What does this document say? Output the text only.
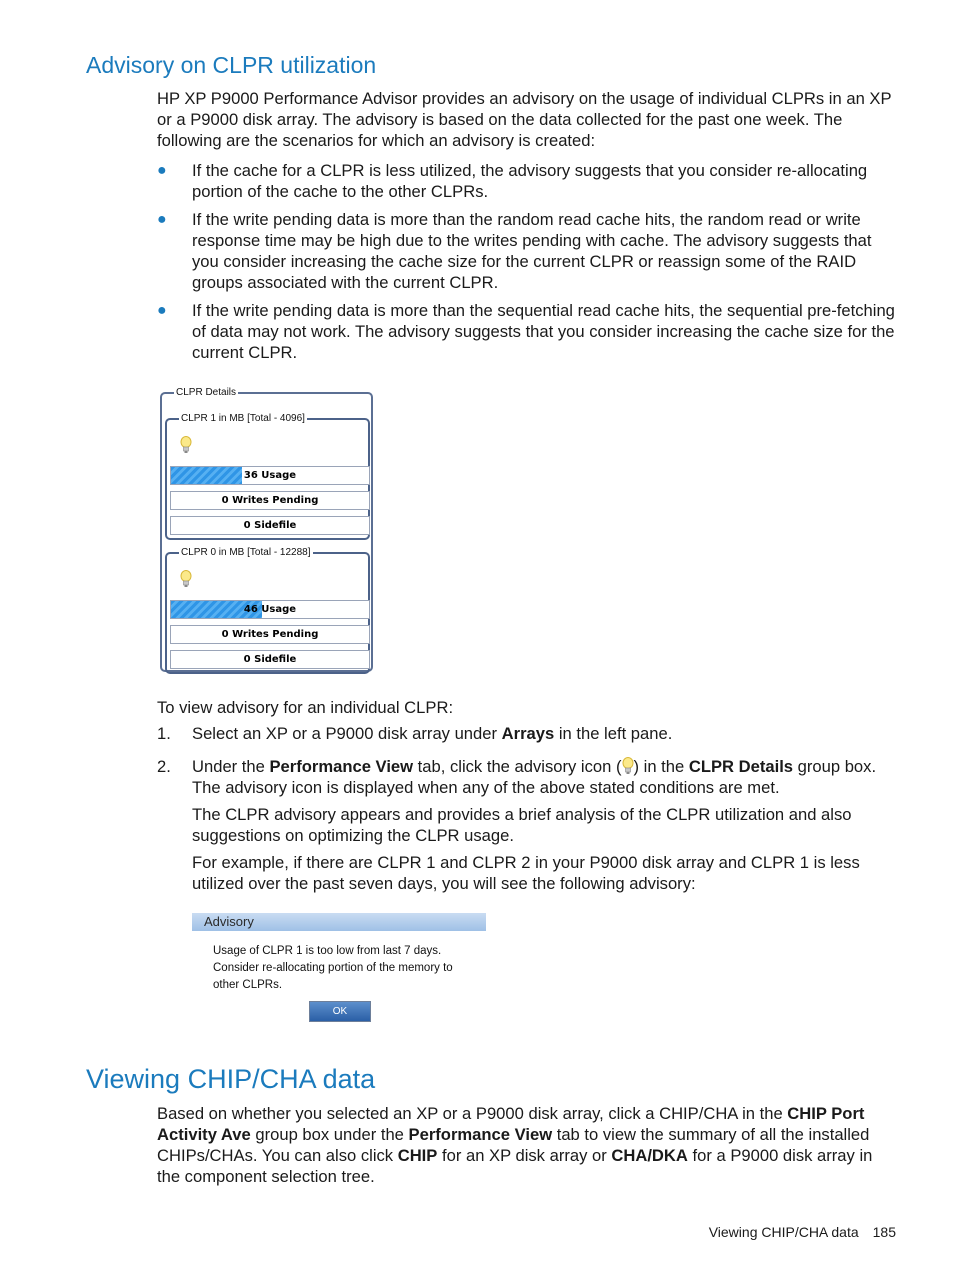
Advisory on CLPR utilization

HP XP P9000 Performance Advisor provides an advisory on the usage of individual CLPRs in an XP or a P9000 disk array. The advisory is based on the data collected for the past one week. The following are the scenarios for which an advisory is created:

● If the cache for a CLPR is less utilized, the advisory suggests that you consider re-allocating portion of the cache to the other CLPRs.
● If the write pending data is more than the random read cache hits, the random read or write response time may be high due to the writes pending with cache. The advisory suggests that you consider increasing the cache size for the current CLPR or reassign some of the RAID groups associated with the current CLPR.
● If the write pending data is more than the sequential read cache hits, the sequential pre-fetching of data may not work. The advisory suggests that you consider increasing the cache size for the current CLPR.
CLPR Details
CLPR 1 in MB [Total - 4096]
36 Usage
0 Writes Pending
0 Sidefile
CLPR 0 in MB [Total - 12288]
46 Usage
0 Writes Pending
0 Sidefile

To view advisory for an individual CLPR:

1. Select an XP or a P9000 disk array under Arrays in the left pane.
2. Under the Performance View tab, click the advisory icon ( ) in the CLPR Details group box. The advisory icon is displayed when any of the above stated conditions are met.

The CLPR advisory appears and provides a brief analysis of the CLPR utilization and also suggestions on optimizing the CLPR usage.

For example, if there are CLPR 1 and CLPR 2 in your P9000 disk array and CLPR 1 is less utilized over the past seven days, you will see the following advisory:

Advisory
Usage of CLPR 1 is too low from last 7 days.
Consider re-allocating portion of the memory to
other CLPRs.
OK
Viewing CHIP/CHA data

Based on whether you selected an XP or a P9000 disk array, click a CHIP/CHA in the CHIP Port Activity Ave group box under the Performance View tab to view the summary of all the installed CHIPs/CHAs. You can also click CHIP for an XP disk array or CHA/DKA for a P9000 disk array in the component selection tree.

Viewing CHIP/CHA data 185
